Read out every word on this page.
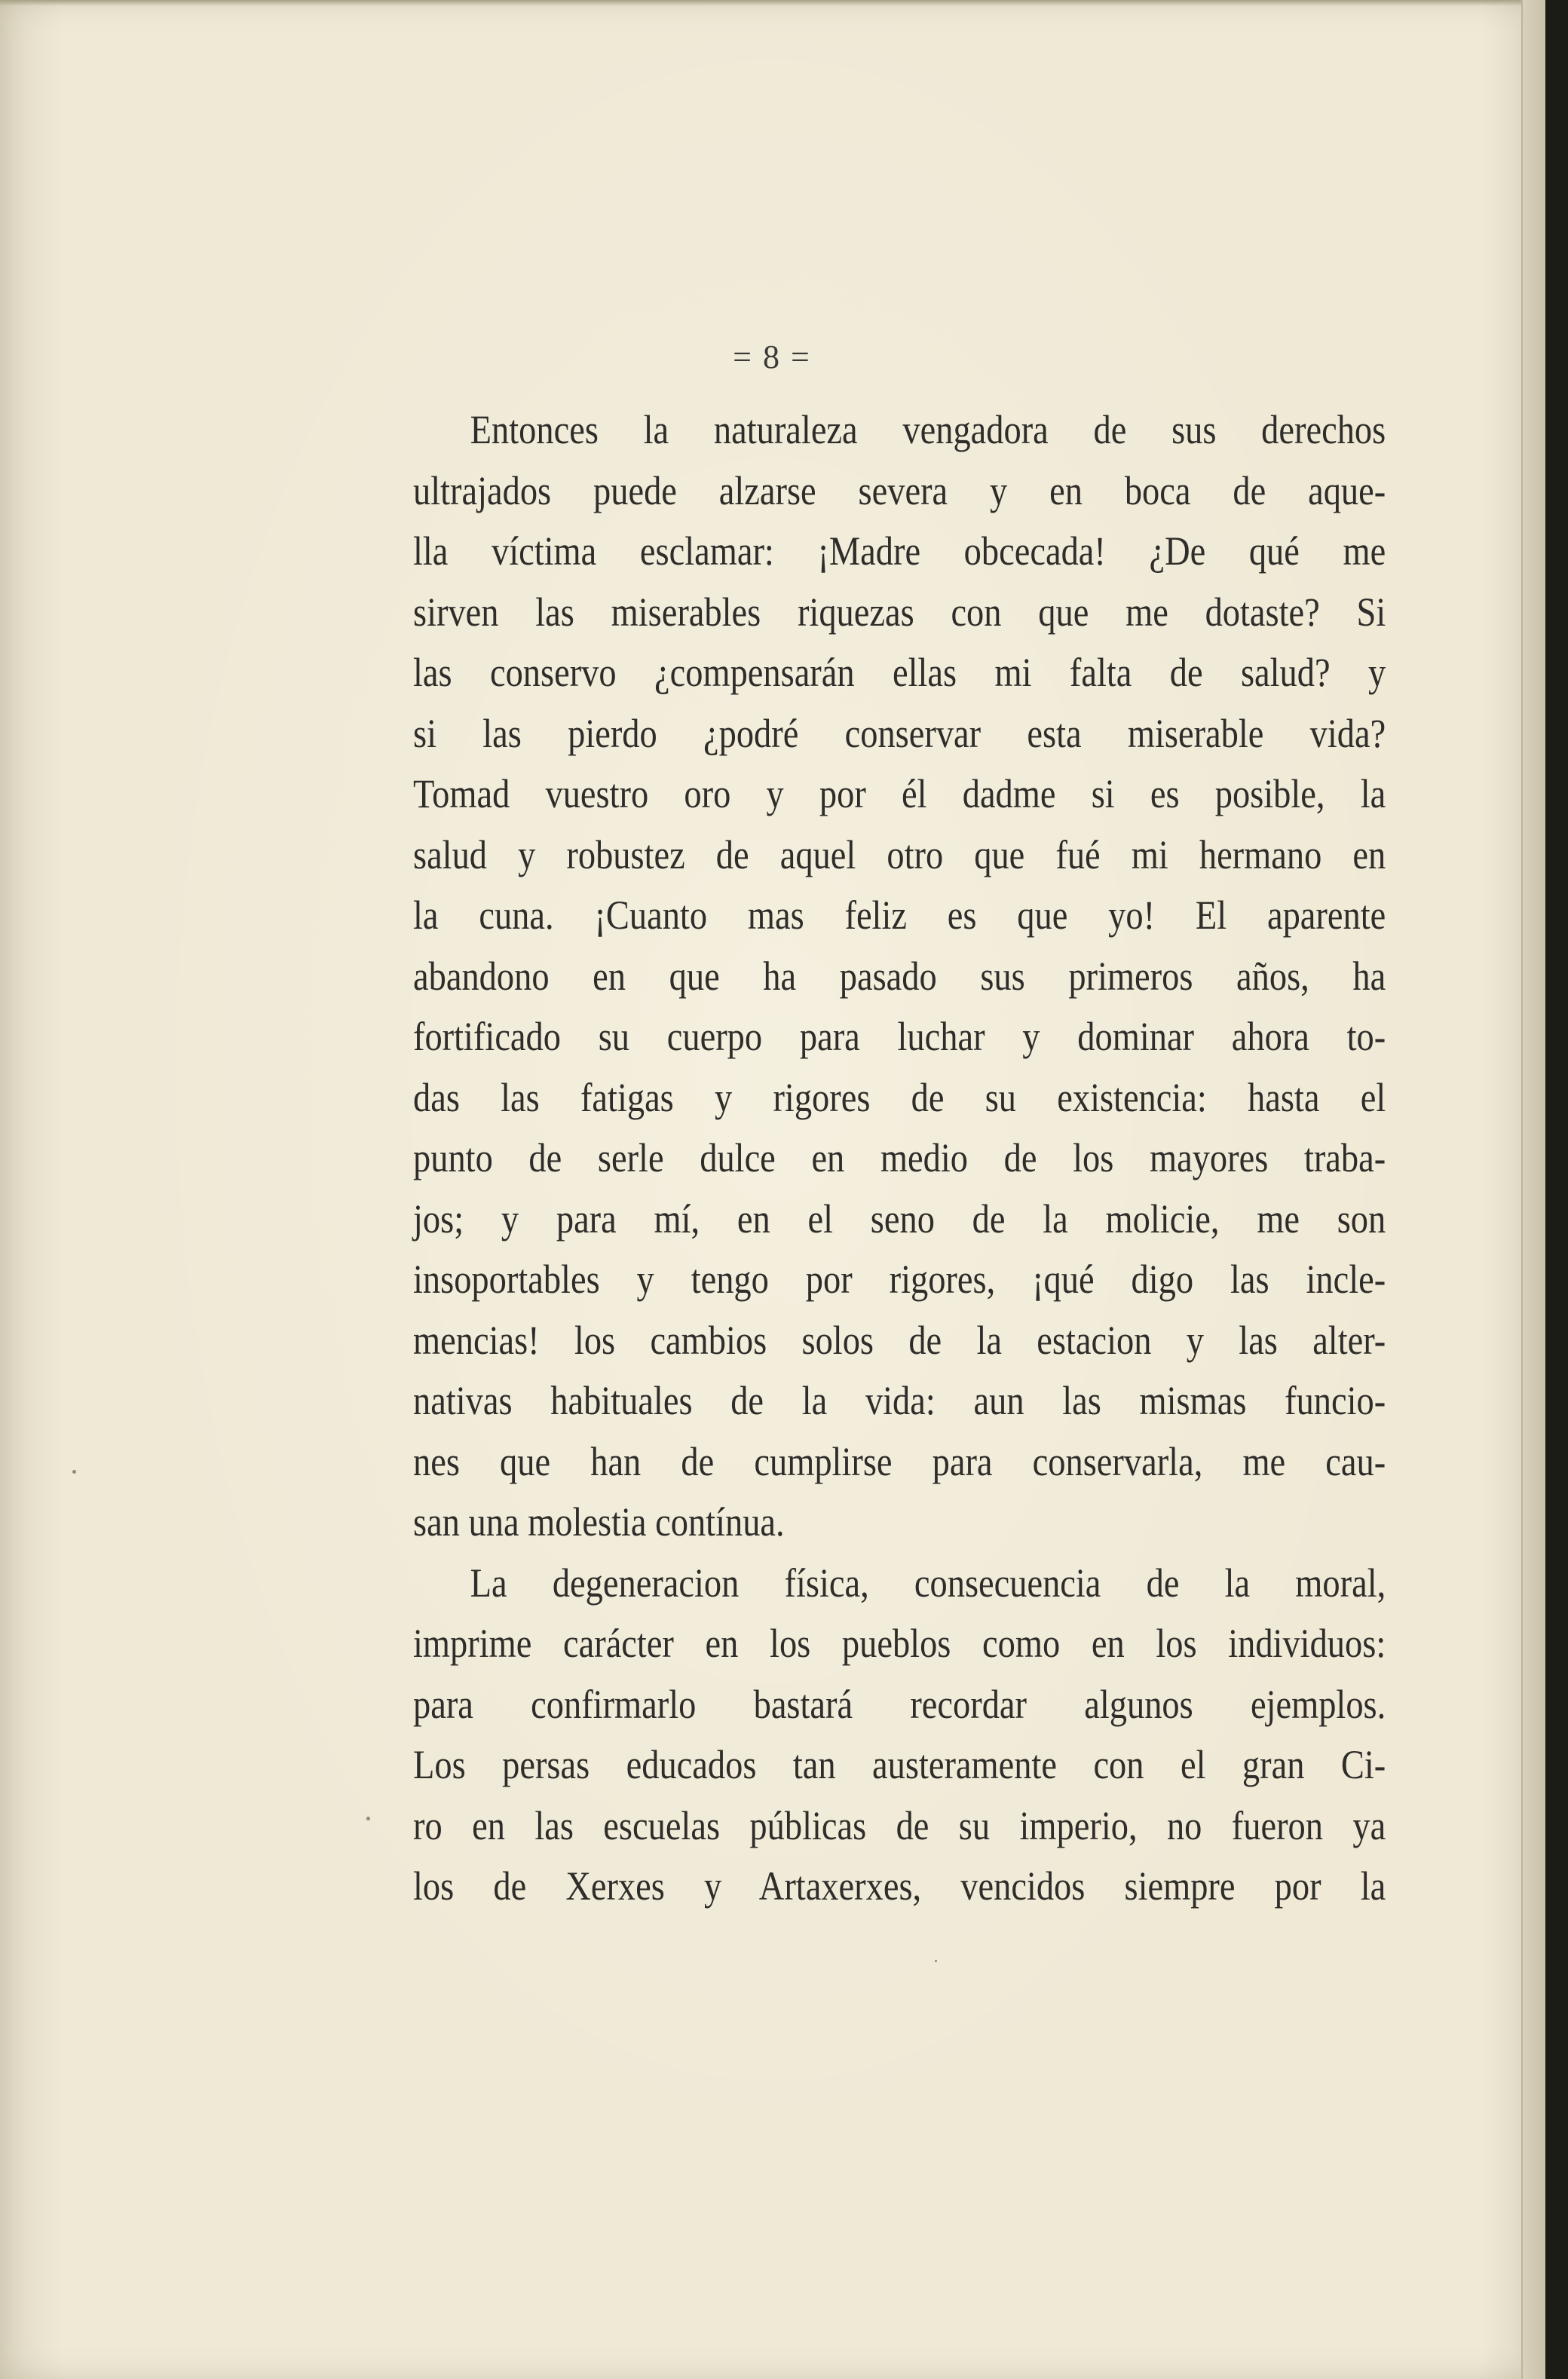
= 8 =
Entonces la naturaleza vengadora de sus derechos
ultrajados puede alzarse severa y en boca de aque-
lla víctima esclamar: ¡Madre obcecada! ¿De qué me
sirven las miserables riquezas con que me dotaste? Si
las conservo ¿compensarán ellas mi falta de salud? y
si las pierdo ¿podré conservar esta miserable vida?
Tomad vuestro oro y por él dadme si es posible, la
salud y robustez de aquel otro que fué mi hermano en
la cuna. ¡Cuanto mas feliz es que yo! El aparente
abandono en que ha pasado sus primeros años, ha
fortificado su cuerpo para luchar y dominar ahora to-
das las fatigas y rigores de su existencia: hasta el
punto de serle dulce en medio de los mayores traba-
jos; y para mí, en el seno de la molicie, me son
insoportables y tengo por rigores, ¡qué digo las incle-
mencias! los cambios solos de la estacion y las alter-
nativas habituales de la vida: aun las mismas funcio-
nes que han de cumplirse para conservarla, me cau-
san una molestia contínua.
La degeneracion física, consecuencia de la moral,
imprime carácter en los pueblos como en los individuos:
para confirmarlo bastará recordar algunos ejemplos.
Los persas educados tan austeramente con el gran Ci-
ro en las escuelas públicas de su imperio, no fueron ya
los de Xerxes y Artaxerxes, vencidos siempre por la
